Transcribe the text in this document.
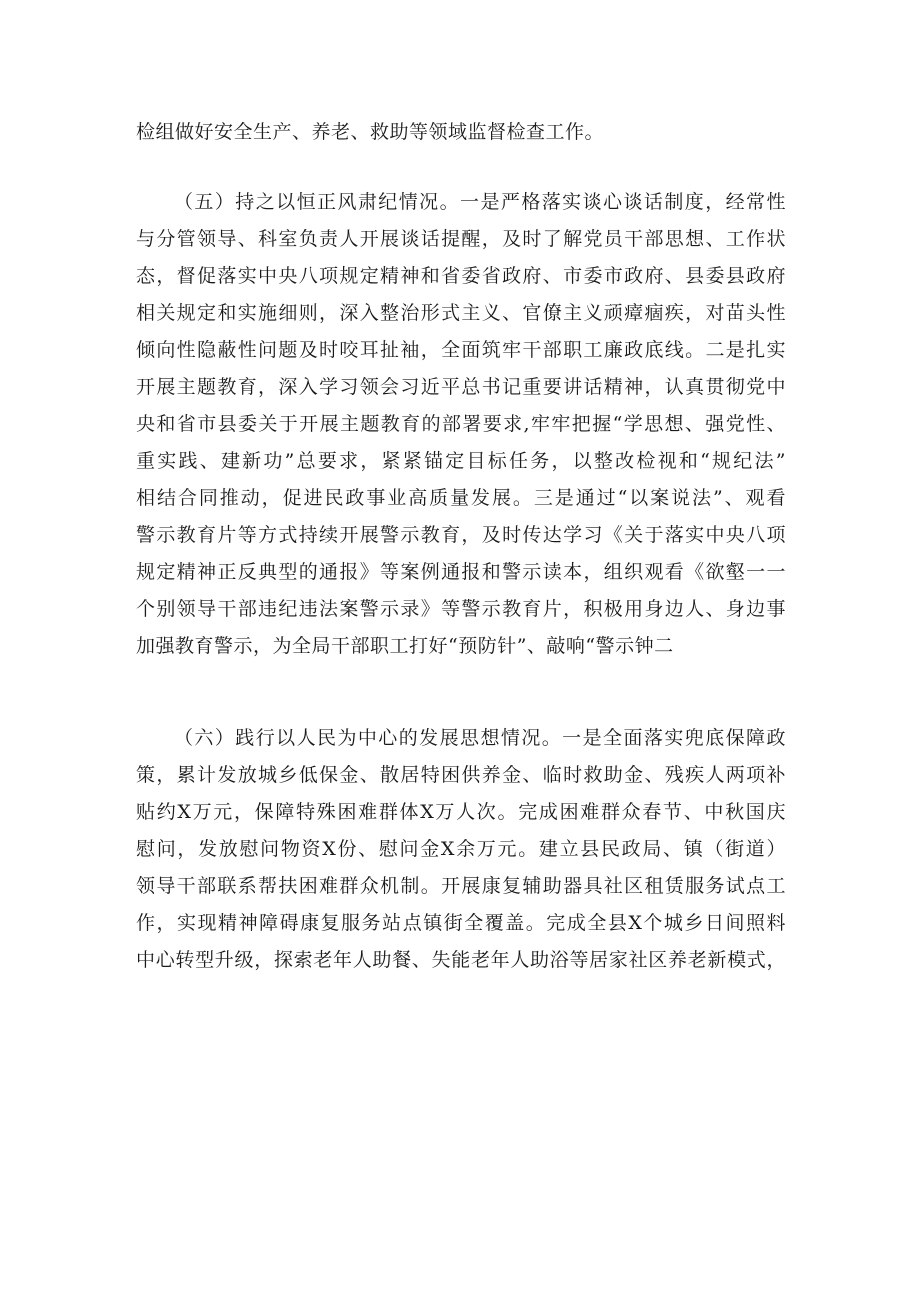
检组做好安全生产、养老、救助等领域监督检查工作。

（五）持之以恒正风肃纪情况。一是严格落实谈心谈话制度，经常性
与分管领导、科室负责人开展谈话提醒，及时了解党员干部思想、工作状
态，督促落实中央八项规定精神和省委省政府、市委市政府、县委县政府
相关规定和实施细则，深入整治形式主义、官僚主义顽瘴痼疾，对苗头性
倾向性隐蔽性问题及时咬耳扯袖，全面筑牢干部职工廉政底线。二是扎实
开展主题教育，深入学习领会习近平总书记重要讲话精神，认真贯彻党中
央和省市县委关于开展主题教育的部署要求,牢牢把握“学思想、强党性、
重实践、建新功”总要求，紧紧锚定目标任务，以整改检视和“规纪法”
相结合同推动，促进民政事业高质量发展。三是通过“以案说法”、观看
警示教育片等方式持续开展警示教育，及时传达学习《关于落实中央八项
规定精神正反典型的通报》等案例通报和警示读本，组织观看《欲壑一一
个别领导干部违纪违法案警示录》等警示教育片，积极用身边人、身边事
加强教育警示，为全局干部职工打好“预防针”、敲响“警示钟二

（六）践行以人民为中心的发展思想情况。一是全面落实兜底保障政
策，累计发放城乡低保金、散居特困供养金、临时救助金、残疾人两项补
贴约X万元，保障特殊困难群体X万人次。完成困难群众春节、中秋国庆
慰问，发放慰问物资X份、慰问金X余万元。建立县民政局、镇（街道）
领导干部联系帮扶困难群众机制。开展康复辅助器具社区租赁服务试点工
作，实现精神障碍康复服务站点镇街全覆盖。完成全县X个城乡日间照料
中心转型升级，探索老年人助餐、失能老年人助浴等居家社区养老新模式，
